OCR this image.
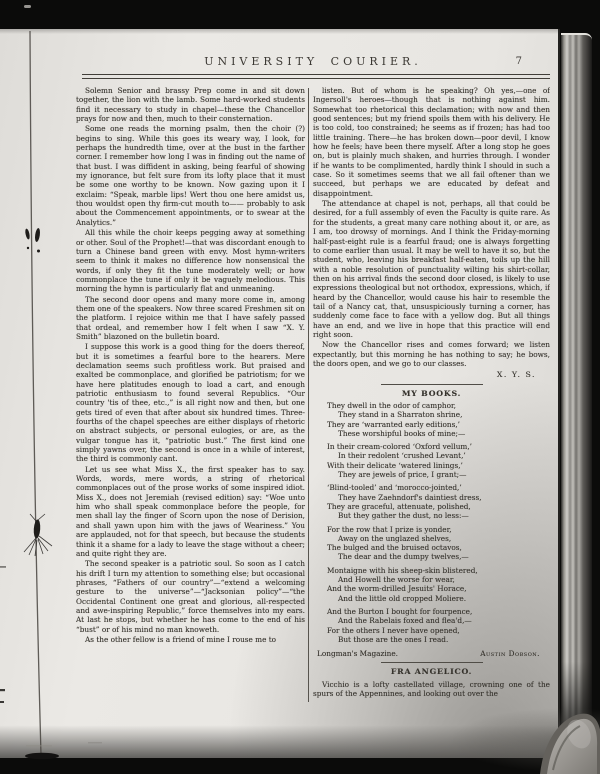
UNIVERSITY COURIER.	7

Solemn Senior and brassy Prep come in and sit down together, the lion with the lamb. Some hard-worked students find it necessary to study in chapel—these the Chancellor prays for now and then, much to their consternation.

Some one reads the morning psalm, then the choir (?) begins to sing. While this goes its weary way, I look, for perhaps the hundredth time, over at the bust in the farther corner. I remember how long I was in finding out the name of that bust. I was diffident in asking, being fearful of showing my ignorance, but felt sure from its lofty place that it must be some one worthy to be known. Now gazing upon it I exclaim: “Speak, marble lips! Wert thou one here amidst us, thou wouldst open thy firm-cut mouth to—— probably to ask about the Commencement appointments, or to swear at the Analytics.”

All this while the choir keeps pegging away at something or other. Soul of the Prophet!—that was discordant enough to turn a Chinese band green with envy. Most hymn-writers seem to think it makes no difference how nonsensical the words, if only they fit the tune moderately well; or how commonplace the tune if only it be vaguely melodious. This morning the hymn is particularly flat and unmeaning.

The second door opens and many more come in, among them one of the speakers. Now three scared Freshmen sit on the platform. I rejoice within me that I have safely passed that ordeal, and remember how I felt when I saw “X. Y. Smith” blazoned on the bulletin board.

I suppose this work is a good thing for the doers thereof, but it is sometimes a fearful bore to the hearers. Mere declamation seems such profitless work. But praised and exalted be commonplace, and glorified be patriotism; for we have here platitudes enough to load a cart, and enough patriotic enthusiasm to found several Republics. “Our country 'tis of thee, etc.,” is all right now and then, but one gets tired of even that after about six hundred times. Three-fourths of the chapel speeches are either displays of rhetoric on abstract subjects, or personal eulogies, or are, as the vulgar tongue has it, “patriotic bust.” The first kind one simply yawns over, the second is once in a while of interest, the third is commonly cant.

Let us see what Miss X., the first speaker has to say. Words, words, mere words, a string of rhetorical commonplaces out of the prose works of some inspired idiot. Miss X., does not Jeremiah (revised edition) say: “Woe unto him who shall speak commonplace before the people, for men shall lay the finger of Scorn upon the nose of Derision, and shall yawn upon him with the jaws of Weariness.” You are applauded, not for that speech, but because the students think it a shame for a lady to leave the stage without a cheer; and quite right they are.

The second speaker is a patriotic soul. So soon as I catch his drift I turn my attention to something else; but occasional phrases, “Fathers of our country”—“extend a welcoming gesture to the universe”—“Jacksonian policy”—“the Occidental Continent one great and glorious, all-respected and awe-inspiring Republic,” force themselves into my ears. At last he stops, but whether he has come to the end of his “bust” or of his mind no man knoweth.

As the other fellow is a friend of mine I rouse me to

listen. But of whom is he speaking? Oh yes,—one of Ingersoll's heroes—though that is nothing against him. Somewhat too rhetorical this declamation; with now and then good sentences; but my friend spoils them with his delivery. He is too cold, too constrained; he seems as if frozen; has had too little training. There—he has broken down—poor devil, I know how he feels; have been there myself. After a long stop he goes on, but is plainly much shaken, and hurries through. I wonder if he wants to be complimented, hardly think I should in such a case. So it sometimes seems that we all fail oftener than we succeed, but perhaps we are educated by defeat and disappointment.

The attendance at chapel is not, perhaps, all that could be desired, for a full assembly of even the Faculty is quite rare. As for the students, a great many care nothing about it, or are, as I am, too drowsy of mornings. And I think the Friday-morning half-past-eight rule is a fearful fraud; one is always forgetting to come earlier than usual. It may be well to have it so, but the student, who, leaving his breakfast half-eaten, toils up the hill with a noble resolution of punctuality wilting his shirt-collar, then on his arrival finds the second door closed, is likely to use expressions theological but not orthodox, expressions, which, if heard by the Chancellor, would cause his hair to resemble the tail of a Nancy cat, that, unsuspiciously turning a corner, has suddenly come face to face with a yellow dog. But all things have an end, and we live in hope that this practice will end right soon.

Now the Chancellor rises and comes forward; we listen expectantly, but this morning he has nothing to say; he bows, the doors open, and we go to our classes.

X. Y. S.
MY BOOKS.
They dwell in the odor of camphor,
They stand in a Sharraton shrine,
They are ‘warranted early editions,’
These worshipful books of mine;—
In their cream-colored ‘Oxford vellum,’
In their redolent ‘crushed Levant,’
With their delicate ‘watered linings,’
They are jewels of price, I grant;—
‘Blind-tooled’ and ‘morocco-jointed,’
They have Zaehndorf's daintiest dress,
They are graceful, attenuate, polished,
But they gather the dust, no less:—
For the row that I prize is yonder,
Away on the unglazed shelves,
The bulged and the bruised octavos,
The dear and the dumpy twelves,—
Montaigne with his sheep-skin blistered,
And Howell the worse for wear,
And the worm-drilled Jesuits' Horace,
And the little old cropped Moliere.
And the Burton I bought for fourpence,
And the Rabelais foxed and flea'd,—
For the others I never have opened,
But those are the ones I read.
Longman's Magazine.	Austin Dobson.
FRA ANGELICO.

Vicchio is a lofty castellated village, crowning one of the spurs of the Appennines, and looking out over the
